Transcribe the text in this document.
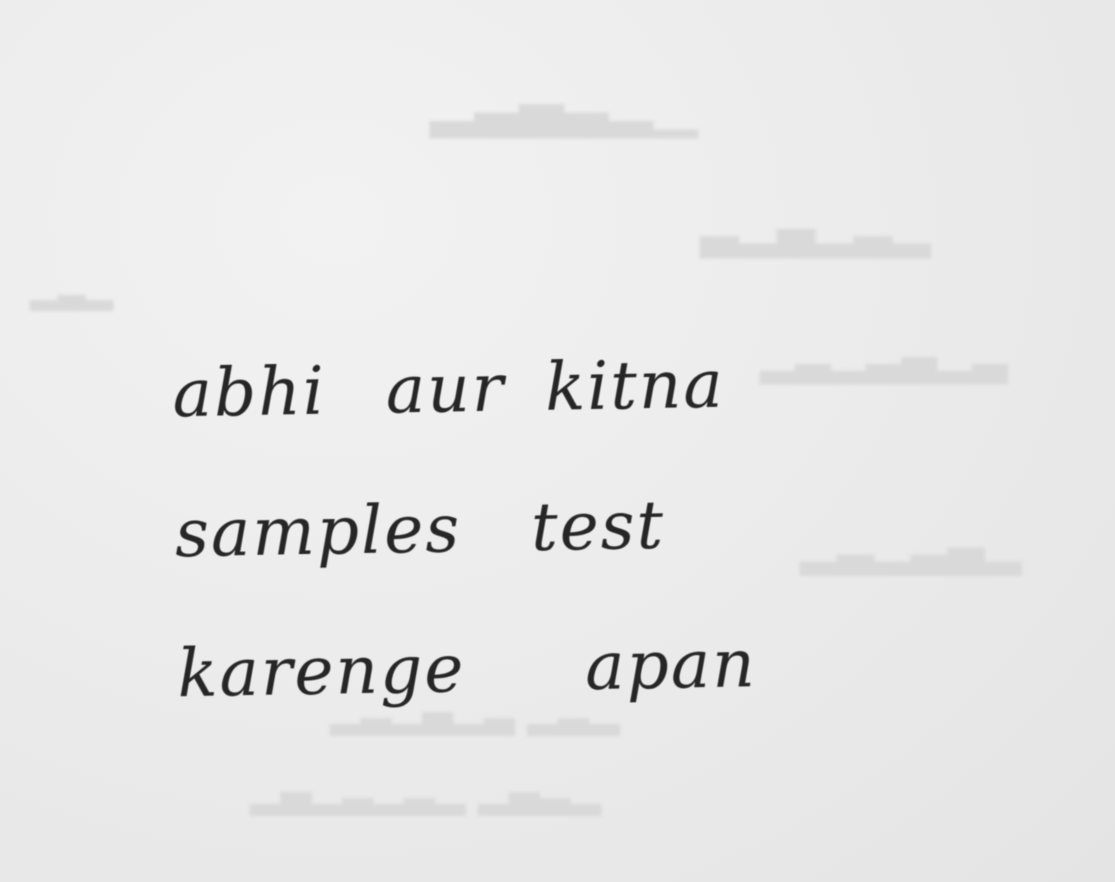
▁▂▃▄▃▂
▂▃▂▄▂▃
▃▂▄▃▂▃▂
▂▄▃▂▃▂
▂▃▂ ▃▂▄▂▃▂
▂▃▄▂ ▂▃▂▃▂▄▂
▂▃▂
abhi aur kitna
samples test
karenge apan
